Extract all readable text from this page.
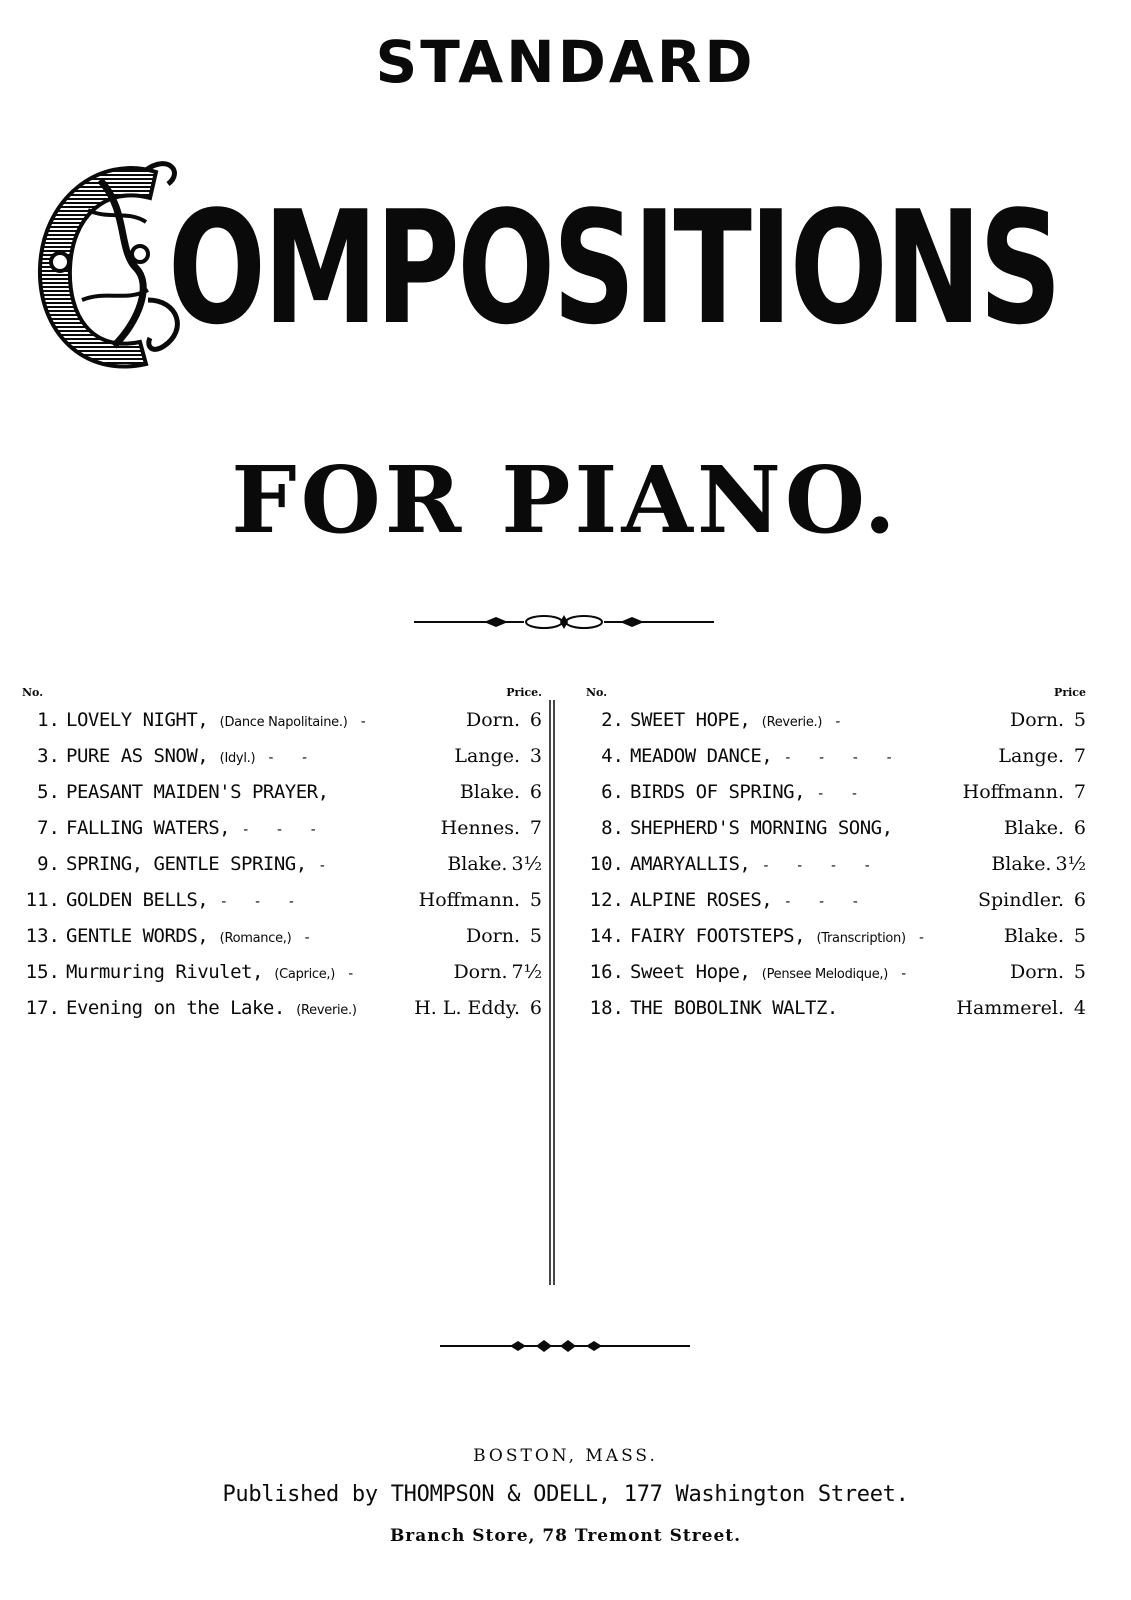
STANDARD
OMPOSITIONS
FOR PIANO.
No.	Price.
1. LOVELY NIGHT, (Dance Napolitaine.) -	Dorn. 6
3. PURE AS SNOW, (Idyl.) -   -	Lange. 3
5. PEASANT MAIDEN'S PRAYER,	Blake. 6
7. FALLING WATERS, -   -   -	Hennes. 7
9. SPRING, GENTLE SPRING, -	Blake. 3½
11. GOLDEN BELLS, -   -   -	Hoffmann. 5
13. GENTLE WORDS, (Romance,) -	Dorn. 5
15. Murmuring Rivulet, (Caprice,) -	Dorn. 7½
17. Evening on the Lake. (Reverie.)	H. L. Eddy. 6
No.	Price
2. SWEET HOPE, (Reverie.) -	Dorn. 5
4. MEADOW DANCE, -   -   -   -	Lange. 7
6. BIRDS OF SPRING, -   -	Hoffmann. 7
8. SHEPHERD'S MORNING SONG,	Blake. 6
10. AMARYALLIS, -   -   -   -	Blake. 3½
12. ALPINE ROSES, -   -   -	Spindler. 6
14. FAIRY FOOTSTEPS, (Transcription) -	Blake. 5
16. Sweet Hope, (Pensee Melodique,) -	Dorn. 5
18. THE BOBOLINK WALTZ.	Hammerel. 4
BOSTON, MASS.
Published by THOMPSON & ODELL, 177 Washington Street.
Branch Store, 78 Tremont Street.
